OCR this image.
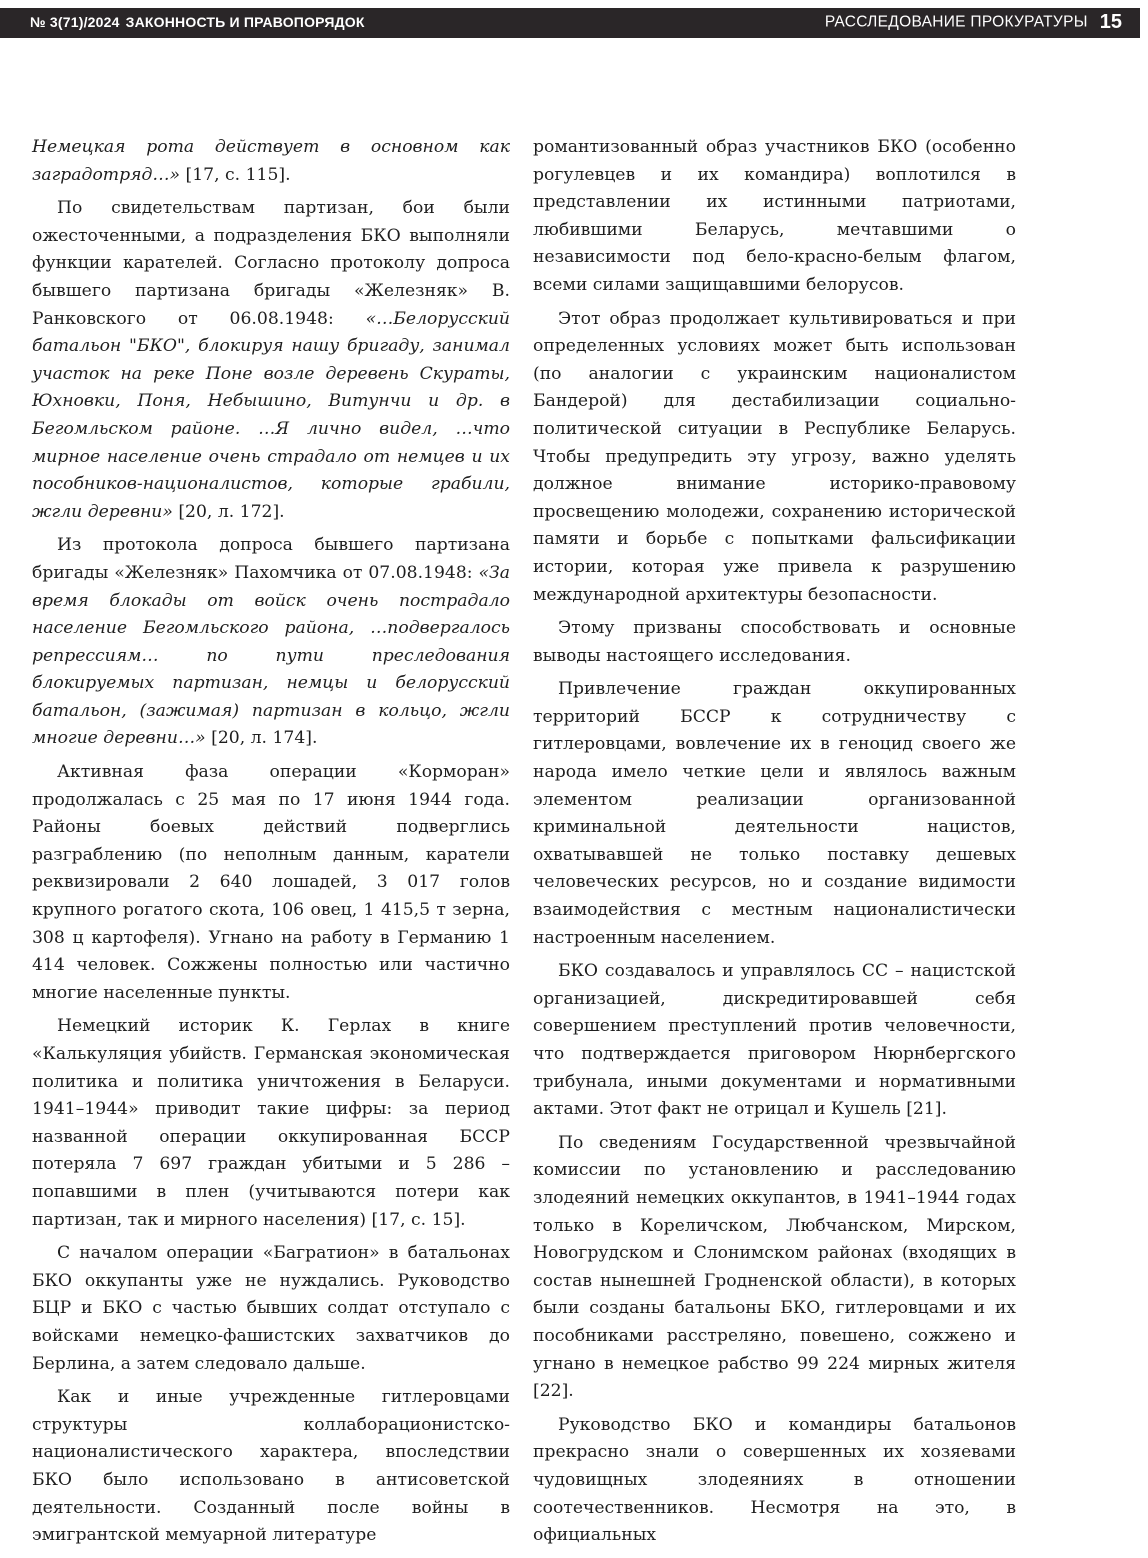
№ 3(71)/2024 ЗАКОННОСТЬ И ПРАВОПОРЯДОК	РАССЛЕДОВАНИЕ ПРОКУРАТУРЫ 15

Немецкая рота действует в основном как заградотряд…» [17, с. 115].

По свидетельствам партизан, бои были ожесточенными, а подразделения БКО выполняли функции карателей. Согласно протоколу допроса бывшего партизана бригады «Железняк» В. Ранковского от 06.08.1948: «…Белорусский батальон "БКО", блокируя нашу бригаду, занимал участок на реке Поне возле деревень Скураты, Юхновки, Поня, Небышино, Витунчи и др. в Бегомльском районе. …Я лично видел, …что мирное население очень страдало от немцев и их пособников-националистов, которые грабили, жгли деревни» [20, л. 172].

Из протокола допроса бывшего партизана бригады «Железняк» Пахомчика от 07.08.1948: «За время блокады от войск очень пострадало население Бегомльского района, …подвергалось репрессиям… по пути преследования блокируемых партизан, немцы и белорусский батальон, (зажимая) партизан в кольцо, жгли многие деревни…» [20, л. 174].

Активная фаза операции «Корморан» продолжалась с 25 мая по 17 июня 1944 года. Районы боевых действий подверглись разграблению (по неполным данным, каратели реквизировали 2 640 лошадей, 3 017 голов крупного рогатого скота, 106 овец, 1 415,5 т зерна, 308 ц картофеля). Угнано на работу в Германию 1 414 человек. Сожжены полностью или частично многие населенные пункты.

Немецкий историк К. Герлах в книге «Калькуляция убийств. Германская экономическая политика и политика уничтожения в Беларуси. 1941–1944» приводит такие цифры: за период названной операции оккупированная БССР потеряла 7 697 граждан убитыми и 5 286 – попавшими в плен (учитываются потери как партизан, так и мирного населения) [17, с. 15].

С началом операции «Багратион» в батальонах БКО оккупанты уже не нуждались. Руководство БЦР и БКО с частью бывших солдат отступало с войсками немецко-фашистских захватчиков до Берлина, а затем следовало дальше.

Как и иные учрежденные гитлеровцами структуры коллаборационистско-националистического характера, впоследствии БКО было использовано в антисоветской деятельности. Созданный после войны в эмигрантской мемуарной литературе

романтизованный образ участников БКО (особенно рогулевцев и их командира) воплотился в представлении их истинными патриотами, любившими Беларусь, мечтавшими о независимости под бело-красно-белым флагом, всеми силами защищавшими белорусов.

Этот образ продолжает культивироваться и при определенных условиях может быть использован (по аналогии с украинским националистом Бандерой) для дестабилизации социально-политической ситуации в Республике Беларусь. Чтобы предупредить эту угрозу, важно уделять должное внимание историко-правовому просвещению молодежи, сохранению исторической памяти и борьбе с попытками фальсификации истории, которая уже привела к разрушению международной архитектуры безопасности.

Этому призваны способствовать и основные выводы настоящего исследования.

Привлечение граждан оккупированных территорий БССР к сотрудничеству с гитлеровцами, вовлечение их в геноцид своего же народа имело четкие цели и являлось важным элементом реализации организованной криминальной деятельности нацистов, охватывавшей не только поставку дешевых человеческих ресурсов, но и создание видимости взаимодействия с местным националистически настроенным населением.

БКО создавалось и управлялось СС – нацистской организацией, дискредитировавшей себя совершением преступлений против человечности, что подтверждается приговором Нюрнбергского трибунала, иными документами и нормативными актами. Этот факт не отрицал и Кушель [21].

По сведениям Государственной чрезвычайной комиссии по установлению и расследованию злодеяний немецких оккупантов, в 1941–1944 годах только в Кореличском, Любчанском, Мирском, Новогрудском и Слонимском районах (входящих в состав нынешней Гродненской области), в которых были созданы батальоны БКО, гитлеровцами и их пособниками расстреляно, повешено, сожжено и угнано в немецкое рабство 99 224 мирных жителя [22].

Руководство БКО и командиры батальонов прекрасно знали о совершенных их хозяевами чудовищных злодеяниях в отношении соотечественников. Несмотря на это, в официальных
